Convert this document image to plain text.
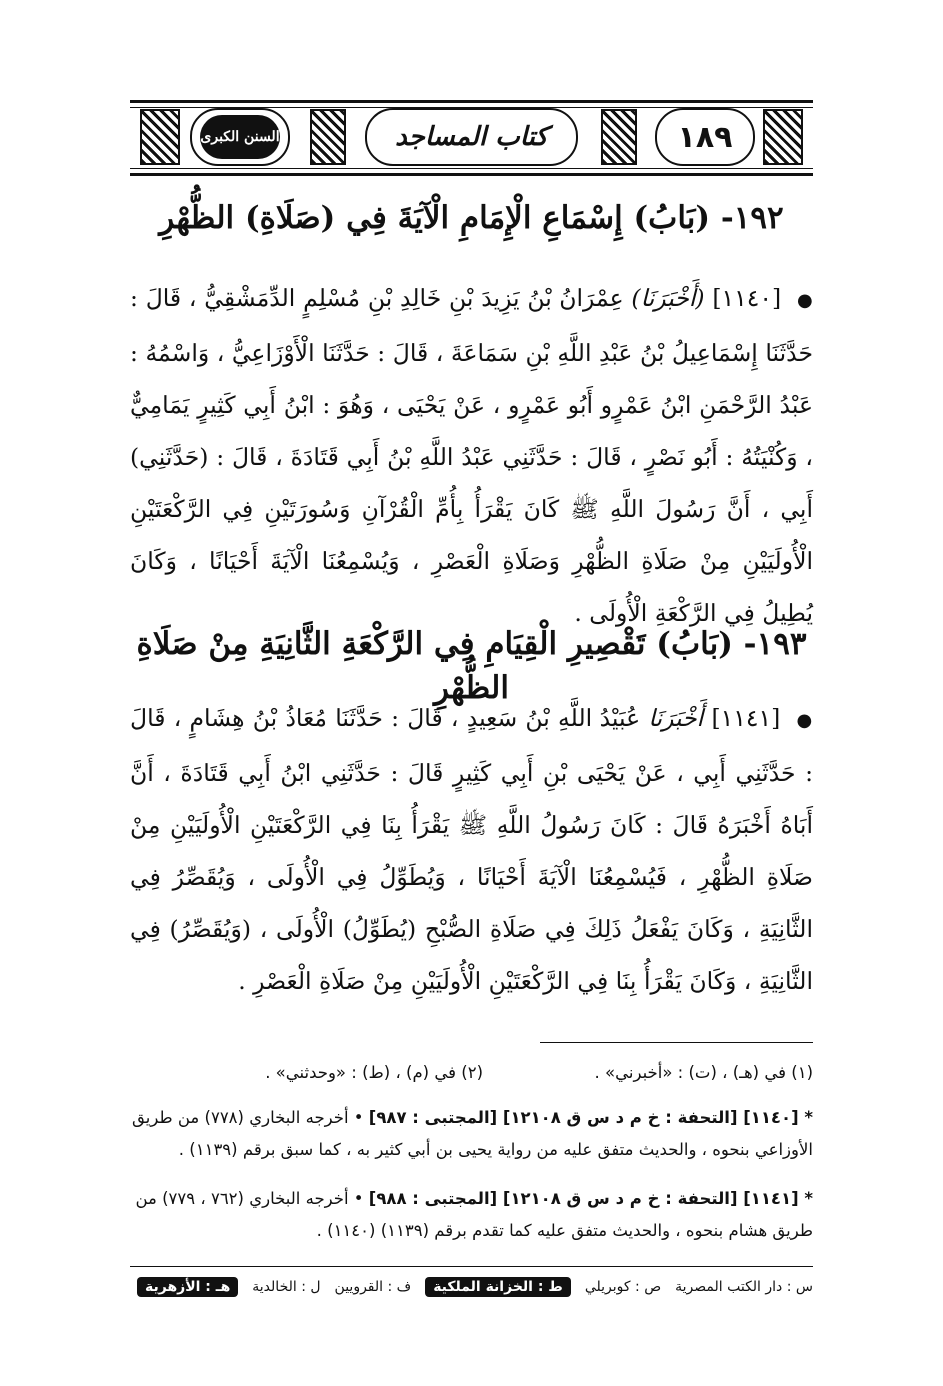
١٨٩
كتاب المساجد
السنن الكبرى
١٩٢- (بَابُ) إِسْمَاعِ الْإِمَامِ الْآيَةَ فِي (صَلَاةِ) الظُّهْرِ
● [١١٤٠] (أَخْبَرَنَا) عِمْرَانُ بْنُ يَزِيدَ بْنِ خَالِدِ بْنِ مُسْلِمٍ الدِّمَشْقِيُّ ، قَالَ : حَدَّثَنَا إِسْمَاعِيلُ بْنُ عَبْدِ اللَّهِ بْنِ سَمَاعَةَ ، قَالَ : حَدَّثَنَا الْأَوْزَاعِيُّ ، وَاسْمُهُ : عَبْدُ الرَّحْمَنِ ابْنُ عَمْرٍو أَبُو عَمْرٍو ، عَنْ يَحْيَى ، وَهُوَ : ابْنُ أَبِي كَثِيرٍ يَمَامِيٌّ ، وَكُنْيَتُهُ : أَبُو نَصْرٍ ، قَالَ : حَدَّثَنِي عَبْدُ اللَّهِ بْنُ أَبِي قَتَادَةَ ، قَالَ : (حَدَّثَنِي) أَبِي ، أَنَّ رَسُولَ اللَّهِ ﷺ كَانَ يَقْرَأُ بِأُمِّ الْقُرْآنِ وَسُورَتَيْنِ فِي الرَّكْعَتَيْنِ الْأُولَيَيْنِ مِنْ صَلَاةِ الظُّهْرِ وَصَلَاةِ الْعَصْرِ ، وَيُسْمِعُنَا الْآيَةَ أَحْيَانًا ، وَكَانَ يُطِيلُ فِي الرَّكْعَةِ الْأُولَى .
١٩٣- (بَابُ) تَقْصِيرِ الْقِيَامِ فِي الرَّكْعَةِ الثَّانِيَةِ مِنْ صَلَاةِ الظُّهْرِ
● [١١٤١] أَخْبَرَنَا عُبَيْدُ اللَّهِ بْنُ سَعِيدٍ ، قَالَ : حَدَّثَنَا مُعَاذُ بْنُ هِشَامٍ ، قَالَ : حَدَّثَنِي أَبِي ، عَنْ يَحْيَى بْنِ أَبِي كَثِيرٍ قَالَ : حَدَّثَنِي ابْنُ أَبِي قَتَادَةَ ، أَنَّ أَبَاهُ أَخْبَرَهُ قَالَ : كَانَ رَسُولُ اللَّهِ ﷺ يَقْرَأُ بِنَا فِي الرَّكْعَتَيْنِ الْأُولَيَيْنِ مِنْ صَلَاةِ الظُّهْرِ ، فَيُسْمِعُنَا الْآيَةَ أَحْيَانًا ، وَيُطَوِّلُ فِي الْأُولَى ، وَيُقَصِّرُ فِي الثَّانِيَةِ ، وَكَانَ يَفْعَلُ ذَلِكَ فِي صَلَاةِ الصُّبْحِ (يُطَوِّلُ) الْأُولَى ، (وَيُقَصِّرُ) فِي الثَّانِيَةِ ، وَكَانَ يَقْرَأُ بِنَا فِي الرَّكْعَتَيْنِ الْأُولَيَيْنِ مِنْ صَلَاةِ الْعَصْرِ .
(١) في (هـ) ، (ت) : «أخبرني» .
(٢) في (م) ، (ط) : «وحدثني» .
* [١١٤٠] [التحفة : خ م د س ق ١٢١٠٨] [المجتبى : ٩٨٧] • أخرجه البخاري (٧٧٨) من طريق الأوزاعي بنحوه ، والحديث متفق عليه من رواية يحيى بن أبي كثير به ، كما سبق برقم (١١٣٩) .
* [١١٤١] [التحفة : خ م د س ق ١٢١٠٨] [المجتبى : ٩٨٨] • أخرجه البخاري (٧٦٢ ، ٧٧٩) من طريق هشام بنحوه ، والحديث متفق عليه كما تقدم برقم (١١٣٩) (١١٤٠) .
س : دار الكتب المصرية
ص : كوبريلي
ط : الخزانة الملكية
ف : القرويين
ل : الخالدية
هـ : الأزهرية
